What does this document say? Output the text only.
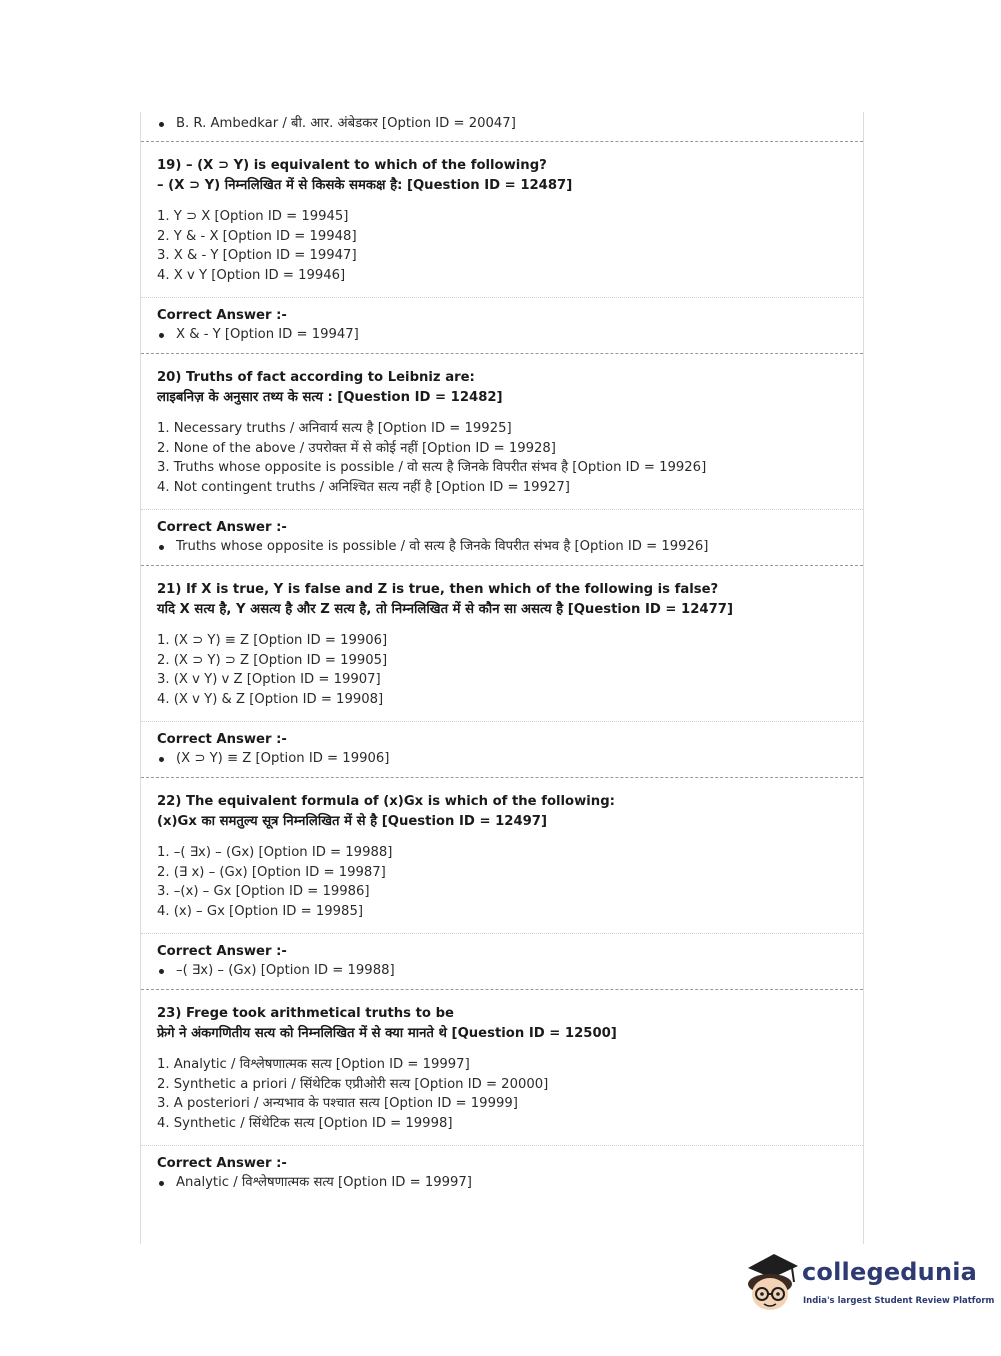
B. R. Ambedkar / बी. आर. अंबेडकर [Option ID = 20047]
19) – (X ⊃ Y) is equivalent to which of the following?
– (X ⊃ Y) निम्नलिखित में से किसके समकक्ष है: [Question ID = 12487]
1. Y ⊃ X [Option ID = 19945]
2. Y & - X [Option ID = 19948]
3. X & - Y [Option ID = 19947]
4. X v Y [Option ID = 19946]
Correct Answer :-
X & - Y [Option ID = 19947]
20) Truths of fact according to Leibniz are:
लाइबनिज़ के अनुसार तथ्य के सत्य : [Question ID = 12482]
1. Necessary truths / अनिवार्य सत्य है [Option ID = 19925]
2. None of the above / उपरोक्त में से कोई नहीं [Option ID = 19928]
3. Truths whose opposite is possible / वो सत्य है जिनके विपरीत संभव है [Option ID = 19926]
4. Not contingent truths / अनिश्चित सत्य नहीं है [Option ID = 19927]
Correct Answer :-
Truths whose opposite is possible / वो सत्य है जिनके विपरीत संभव है [Option ID = 19926]
21) If X is true, Y is false and Z is true, then which of the following is false?
यदि X सत्य है, Y असत्य है और Z सत्य है, तो निम्नलिखित में से कौन सा असत्य है [Question ID = 12477]
1. (X ⊃ Y) ≡ Z [Option ID = 19906]
2. (X ⊃ Y) ⊃ Z [Option ID = 19905]
3. (X v Y) v Z [Option ID = 19907]
4. (X v Y) & Z [Option ID = 19908]
Correct Answer :-
(X ⊃ Y) ≡ Z [Option ID = 19906]
22) The equivalent formula of (x)Gx is which of the following:
(x)Gx का समतुल्य सूत्र निम्नलिखित में से है [Question ID = 12497]
1. –( ∃x) – (Gx) [Option ID = 19988]
2. (∃ x) – (Gx) [Option ID = 19987]
3. –(x) – Gx [Option ID = 19986]
4. (x) – Gx [Option ID = 19985]
Correct Answer :-
–( ∃x) – (Gx) [Option ID = 19988]
23) Frege took arithmetical truths to be
फ्रेगे ने अंकगणितीय सत्य को निम्नलिखित में से क्या मानते थे [Question ID = 12500]
1. Analytic / विश्लेषणात्मक सत्य [Option ID = 19997]
2. Synthetic a priori / सिंथेटिक एप्रीओरी सत्य [Option ID = 20000]
3. A posteriori / अन्यभाव के पश्चात सत्य [Option ID = 19999]
4. Synthetic / सिंथेटिक सत्य [Option ID = 19998]
Correct Answer :-
Analytic / विश्लेषणात्मक सत्य [Option ID = 19997]
collegedunia
India's largest Student Review Platform
